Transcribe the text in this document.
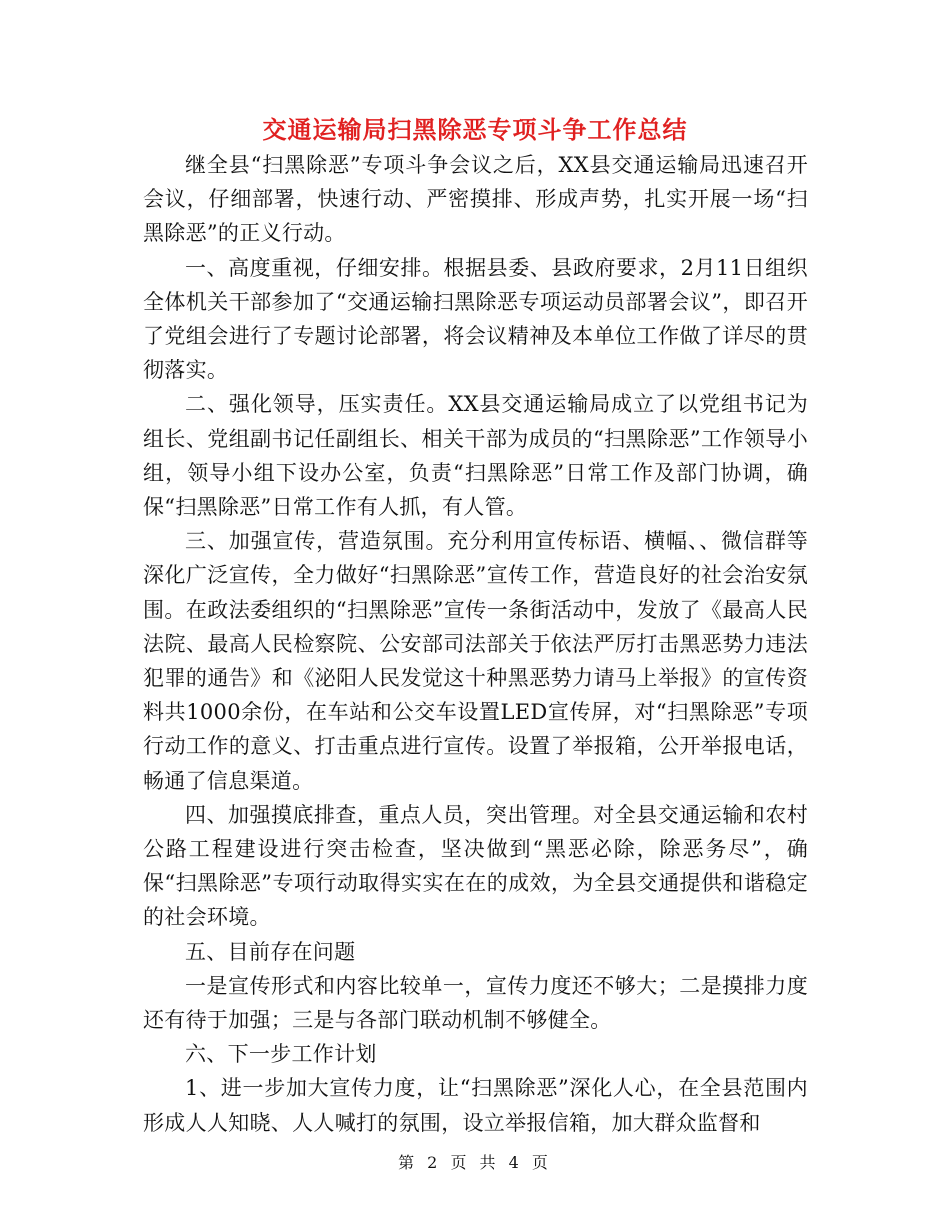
交通运输局扫黑除恶专项斗争工作总结

继全县“扫黑除恶”专项斗争会议之后，XX县交通运输局迅速召开会议，仔细部署，快速行动、严密摸排、形成声势，扎实开展一场“扫黑除恶”的正义行动。

一、高度重视，仔细安排。根据县委、县政府要求，2月11日组织全体机关干部参加了“交通运输扫黑除恶专项运动员部署会议”，即召开了党组会进行了专题讨论部署，将会议精神及本单位工作做了详尽的贯彻落实。

二、强化领导，压实责任。XX县交通运输局成立了以党组书记为组长、党组副书记任副组长、相关干部为成员的“扫黑除恶”工作领导小组，领导小组下设办公室，负责“扫黑除恶”日常工作及部门协调，确保“扫黑除恶”日常工作有人抓，有人管。

三、加强宣传，营造氛围。充分利用宣传标语、横幅、、微信群等深化广泛宣传，全力做好“扫黑除恶”宣传工作，营造良好的社会治安氛围。在政法委组织的“扫黑除恶”宣传一条街活动中，发放了《最高人民法院、最高人民检察院、公安部司法部关于依法严厉打击黑恶势力违法犯罪的通告》和《泌阳人民发觉这十种黑恶势力请马上举报》的宣传资料共1000余份，在车站和公交车设置LED宣传屏，对“扫黑除恶”专项行动工作的意义、打击重点进行宣传。设置了举报箱，公开举报电话，畅通了信息渠道。

四、加强摸底排查，重点人员，突出管理。对全县交通运输和农村公路工程建设进行突击检查，坚决做到“黑恶必除，除恶务尽”，确保“扫黑除恶”专项行动取得实实在在的成效，为全县交通提供和谐稳定的社会环境。

五、目前存在问题

一是宣传形式和内容比较单一，宣传力度还不够大；二是摸排力度还有待于加强；三是与各部门联动机制不够健全。

六、下一步工作计划

1、进一步加大宣传力度，让“扫黑除恶”深化人心，在全县范围内形成人人知晓、人人喊打的氛围，设立举报信箱，加大群众监督和

第 2 页 共 4 页
